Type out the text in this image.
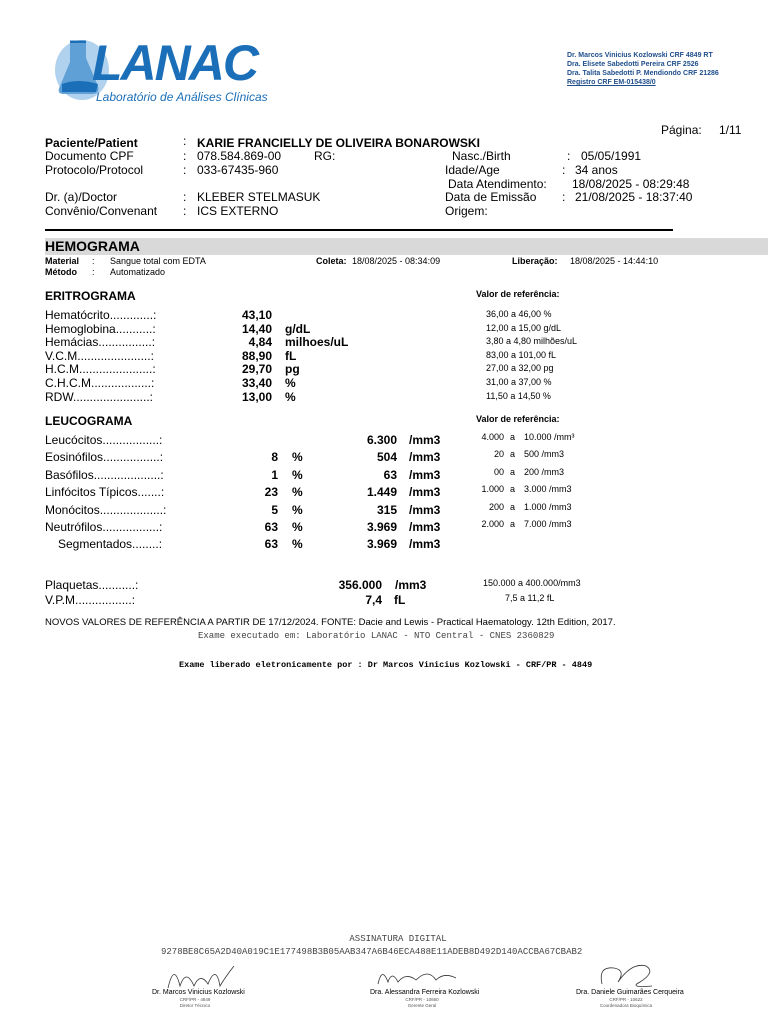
LANAC
Laboratório de Análises Clínicas
Dr. Marcos Vinicius Kozlowski CRF 4849 RT
Dra. Elisete Sabedotti Pereira CRF 2526
Dra. Talita Sabedotti P. Mendiondo CRF 21286
Registro CRF EM-015438/0
Página: 1/11
Paciente/Patient	: KARIE FRANCIELLY DE OLIVEIRA BONAROWSKI
Documento CPF	: 078.584.869-00	RG:	Nasc./Birth	: 05/05/1991
Protocolo/Protocol	: 033-67435-960	Idade/Age	: 34 anos
Data Atendimento: 18/08/2025 - 08:29:48
Dr. (a)/Doctor	: KLEBER STELMASUK	Data de Emissão : 21/08/2025 - 18:37:40
Convênio/Convenant : ICS EXTERNO	Origem:
HEMOGRAMA
Material : Sangue total com EDTA
Método : Automatizado
Coleta: 18/08/2025 - 08:34:09	Liberação: 18/08/2025 - 14:44:10
ERITROGRAMA	Valor de referência:
Hematócrito.............:	43,10	36,00 a 46,00 %
Hemoglobina...........:	14,40 g/dL	12,00 a 15,00 g/dL
Hemácias................:	4,84 milhoes/uL	3,80 a 4,80 milhões/uL
V.C.M......................:	88,90 fL	83,00 a 101,00 fL
H.C.M......................:	29,70 pg	27,00 a 32,00 pg
C.H.C.M..................:	33,40 %	31,00 a 37,00 %
RDW.......................:	13,00 %	11,50 a 14,50 %
LEUCOGRAMA	Valor de referência:
Leucócitos.................:	6.300 /mm3	4.000 a 10.000 /mm³
Eosinófilos.................:	8 %	504 /mm3	20 a 500 /mm3
Basófilos....................:	1 %	63 /mm3	00 a 200 /mm3
Linfócitos Típicos.......:	23 %	1.449 /mm3	1.000 a 3.000 /mm3
Monócitos...................:	5 %	315 /mm3	200 a 1.000 /mm3
Neutrófilos.................:	63 %	3.969 /mm3	2.000 a 7.000 /mm3
Segmentados........:	63 %	3.969 /mm3
Plaquetas...........:	356.000 /mm3	150.000 a 400.000/mm3
V.P.M.................:	7,4 fL	7,5 a 11,2 fL
NOVOS VALORES DE REFERÊNCIA A PARTIR DE 17/12/2024. FONTE: Dacie and Lewis - Practical Haematology. 12th Edition, 2017.
Exame executado em: Laboratório LANAC - NTO Central - CNES 2360829
Exame liberado eletronicamente por : Dr Marcos Vinicius Kozlowski - CRF/PR - 4849
ASSINATURA DIGITAL
9278BE8C65A2D40A019C1E177498B3B05AAB347A6B46ECA488E11ADEB8D492D140ACCBA67CBAB2
Dr. Marcos Vinicius Kozlowski
CRF/PR - 4849
Diretor Técnico
Dra. Alessandra Ferreira Kozlowski
CRF/PR - 10660
Gerente Geral
Dra. Daniele Guimarães Cerqueira
CRF/PR - 10622
Coordenadora Bioquímica
